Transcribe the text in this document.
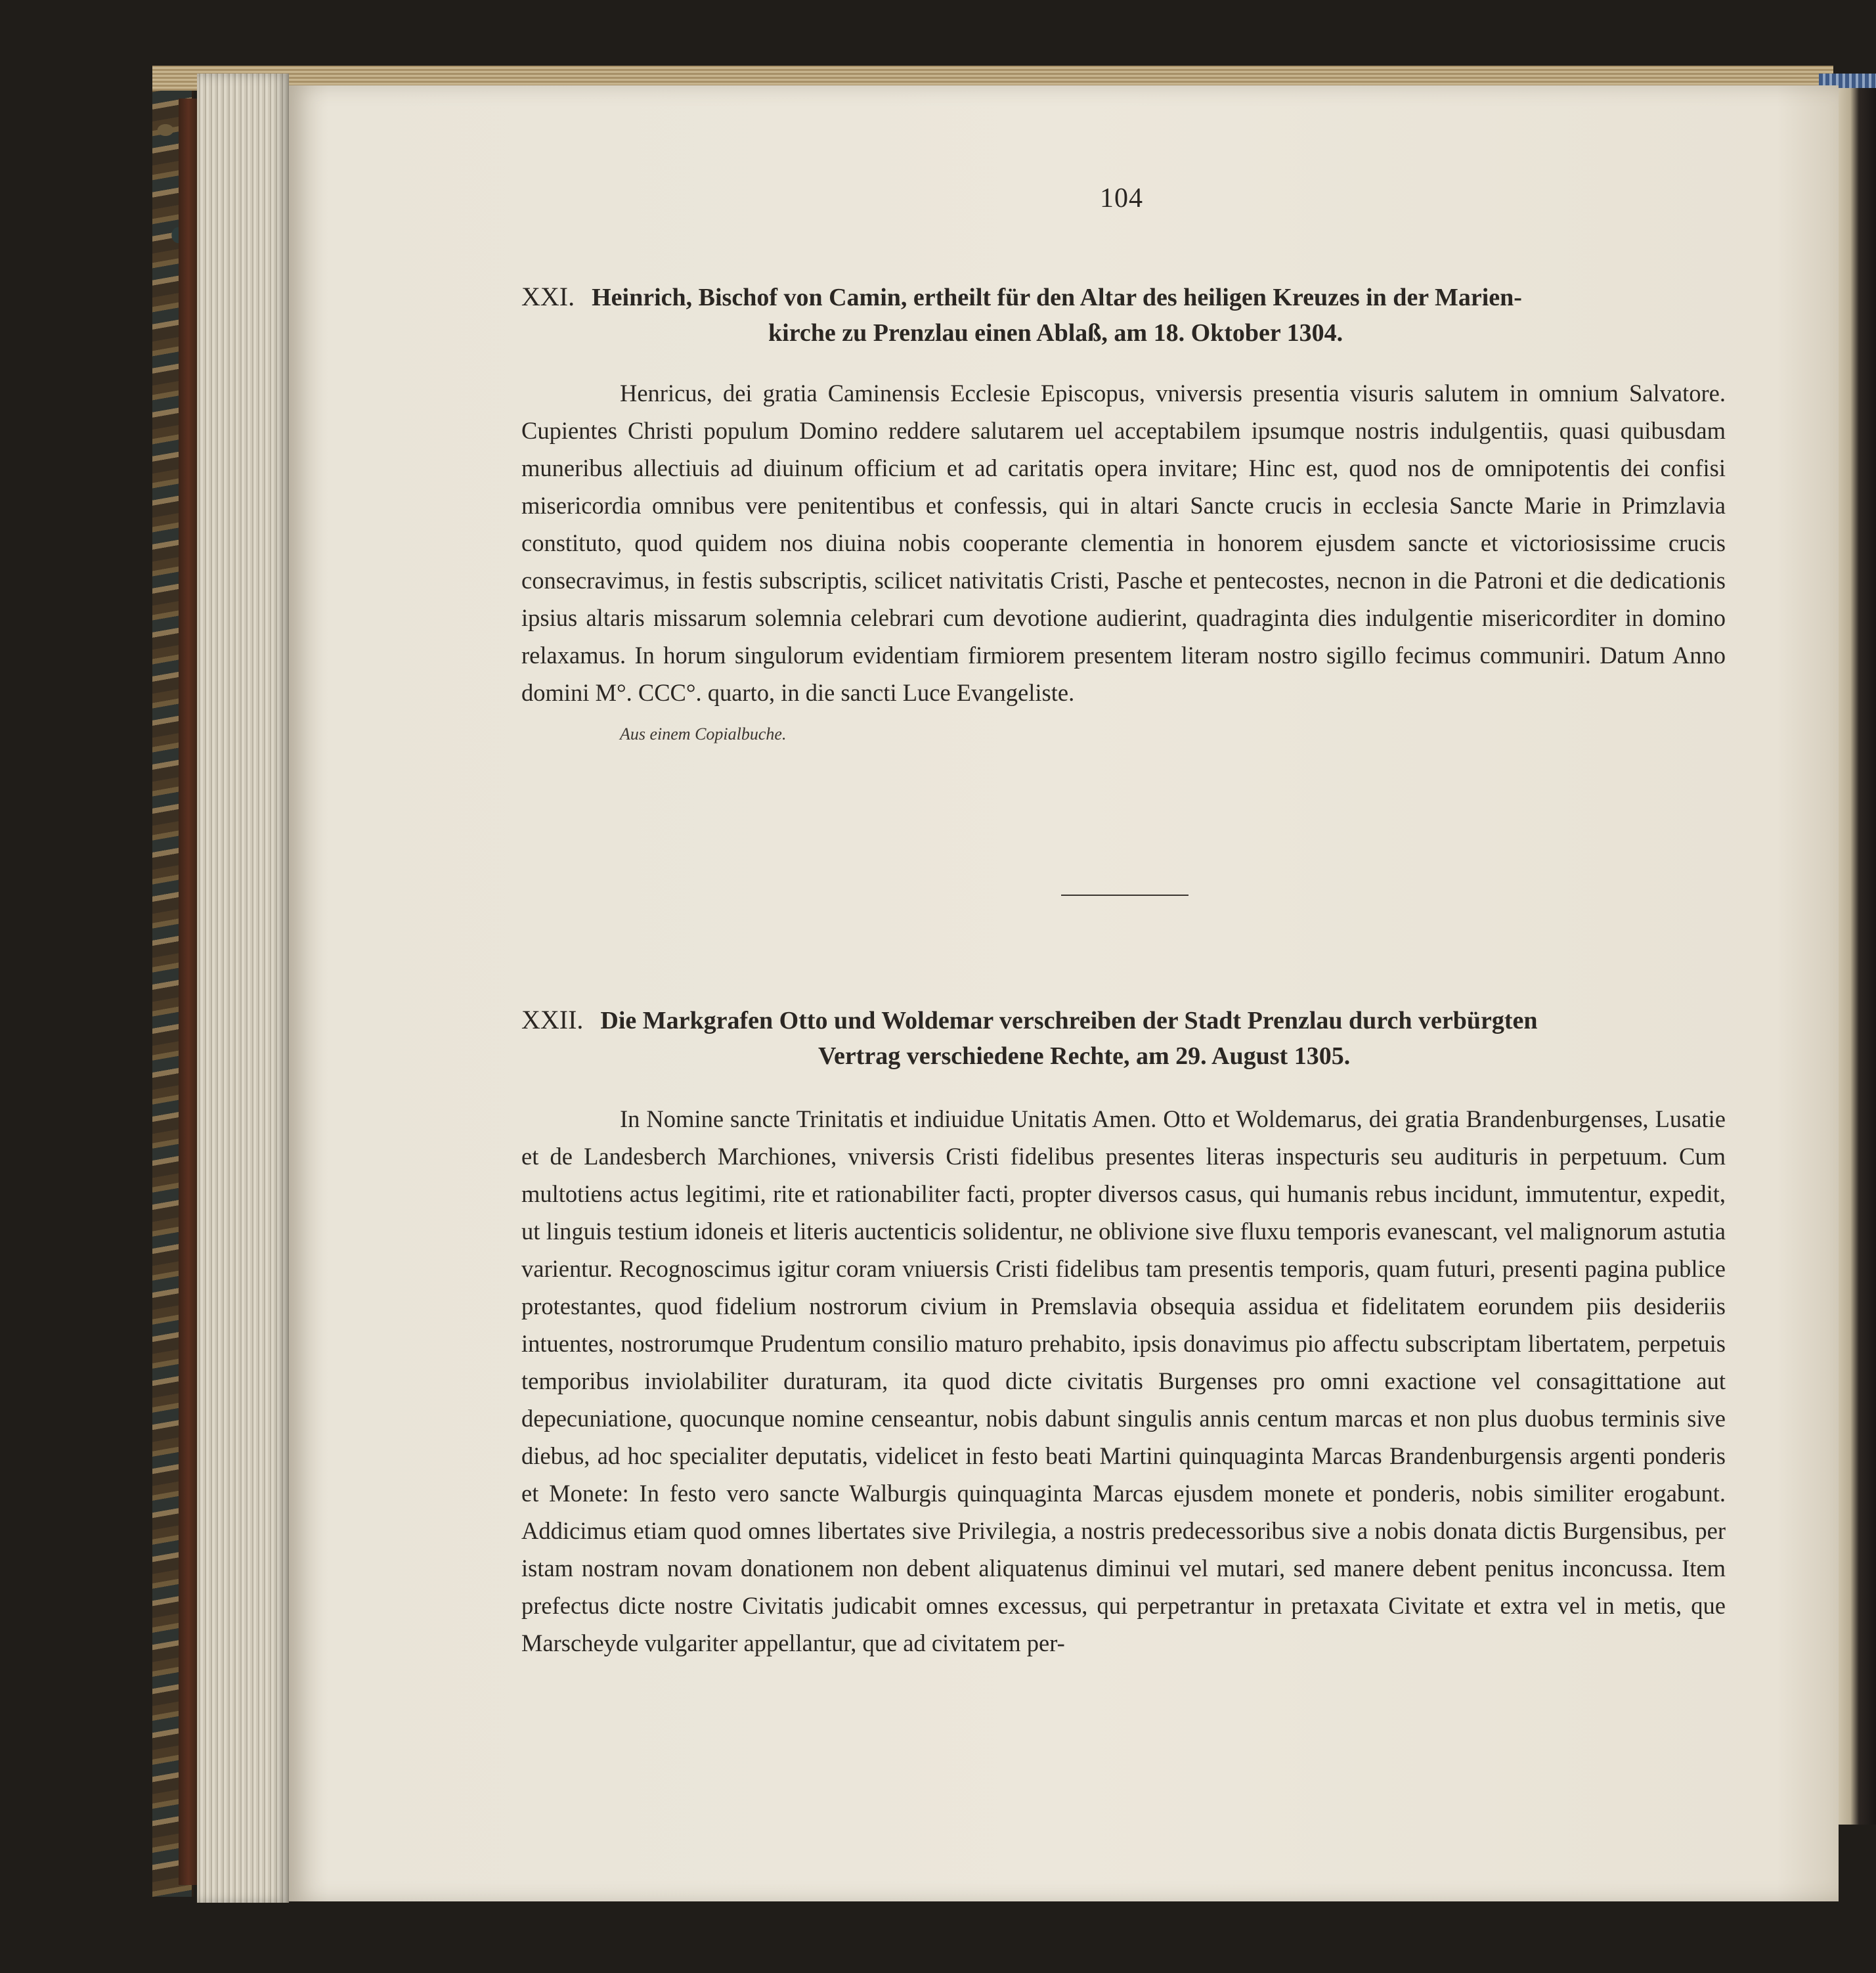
104
XXI. Heinrich, Bischof von Camin, ertheilt für den Altar des heiligen Kreuzes in der Marien-
kirche zu Prenzlau einen Ablaß, am 18. Oktober 1304.

Henricus, dei gratia Caminensis Ecclesie Episcopus, vniversis presentia visuris salutem in omnium Salvatore. Cupientes Christi populum Domino reddere salutarem uel acceptabilem ipsumque nostris indulgentiis, quasi quibusdam muneribus allectiuis ad diuinum officium et ad caritatis opera invitare; Hinc est, quod nos de omnipotentis dei confisi misericordia omnibus vere penitentibus et confessis, qui in altari Sancte crucis in ecclesia Sancte Marie in Primzlavia constituto, quod quidem nos diuina nobis cooperante clementia in honorem ejusdem sancte et victoriosissime crucis consecravimus, in festis subscriptis, scilicet nativitatis Cristi, Pasche et pentecostes, necnon in die Patroni et die dedicationis ipsius altaris missarum solemnia celebrari cum devotione audierint, quadraginta dies indulgentie misericorditer in domino relaxamus. In horum singulorum evidentiam firmiorem presentem literam nostro sigillo fecimus communiri. Datum Anno domini M°. CCC°. quarto, in die sancti Luce Evangeliste.

Aus einem Copialbuche.
XXII. Die Markgrafen Otto und Woldemar verschreiben der Stadt Prenzlau durch verbürgten
Vertrag verschiedene Rechte, am 29. August 1305.

In Nomine sancte Trinitatis et indiuidue Unitatis Amen. Otto et Woldemarus, dei gratia Brandenburgenses, Lusatie et de Landesberch Marchiones, vniversis Cristi fidelibus presentes literas inspecturis seu audituris in perpetuum. Cum multotiens actus legitimi, rite et rationabiliter facti, propter diversos casus, qui humanis rebus incidunt, immutentur, expedit, ut linguis testium idoneis et literis auctenticis solidentur, ne oblivione sive fluxu temporis evanescant, vel malignorum astutia varientur. Recognoscimus igitur coram vniuersis Cristi fidelibus tam presentis temporis, quam futuri, presenti pagina publice protestantes, quod fidelium nostrorum civium in Premslavia obsequia assidua et fidelitatem eorundem piis desideriis intuentes, nostrorumque Prudentum consilio maturo prehabito, ipsis donavimus pio affectu subscriptam libertatem, perpetuis temporibus inviolabiliter duraturam, ita quod dicte civitatis Burgenses pro omni exactione vel consagittatione aut depecuniatione, quocunque nomine censeantur, nobis dabunt singulis annis centum marcas et non plus duobus terminis sive diebus, ad hoc specialiter deputatis, videlicet in festo beati Martini quinquaginta Marcas Brandenburgensis argenti ponderis et Monete: In festo vero sancte Walburgis quinquaginta Marcas ejusdem monete et ponderis, nobis similiter erogabunt. Addicimus etiam quod omnes libertates sive Privilegia, a nostris predecessoribus sive a nobis donata dictis Burgensibus, per istam nostram novam donationem non debent aliquatenus diminui vel mutari, sed manere debent penitus inconcussa. Item prefectus dicte nostre Civitatis judicabit omnes excessus, qui perpetrantur in pretaxata Civitate et extra vel in metis, que Marscheyde vulgariter appellantur, que ad civitatem per-
